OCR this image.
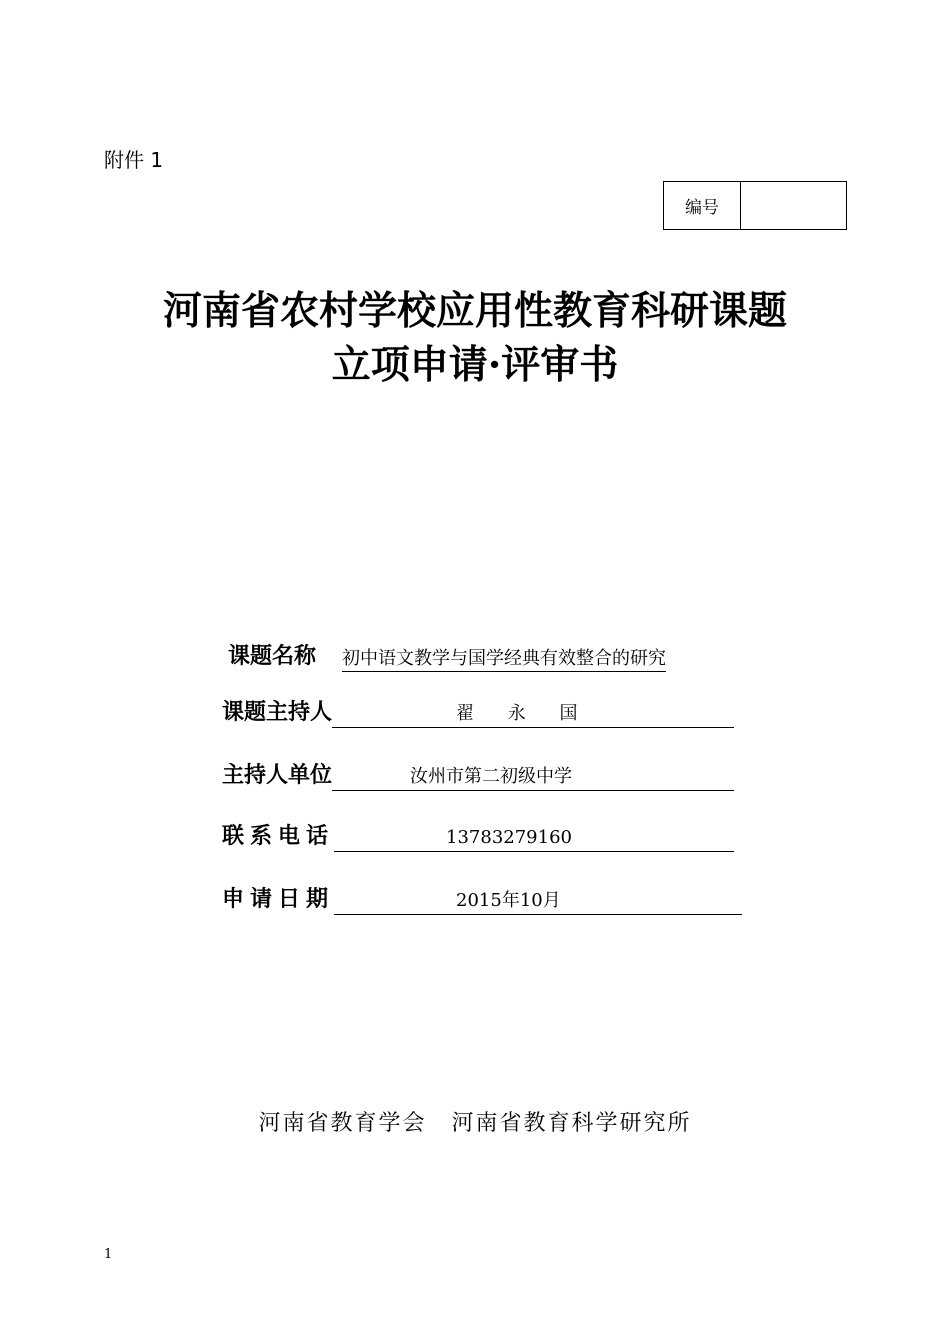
附件 1
编号
河南省农村学校应用性教育科研课题
立项申请·评审书
课题名称 初中语文教学与国学经典有效整合的研究
课题主持人	翟 永 国
主持人单位	汝州市第二初级中学
联系电话	13783279160
申请日期	2015年10月
河南省教育学会 河南省教育科学研究所
1
